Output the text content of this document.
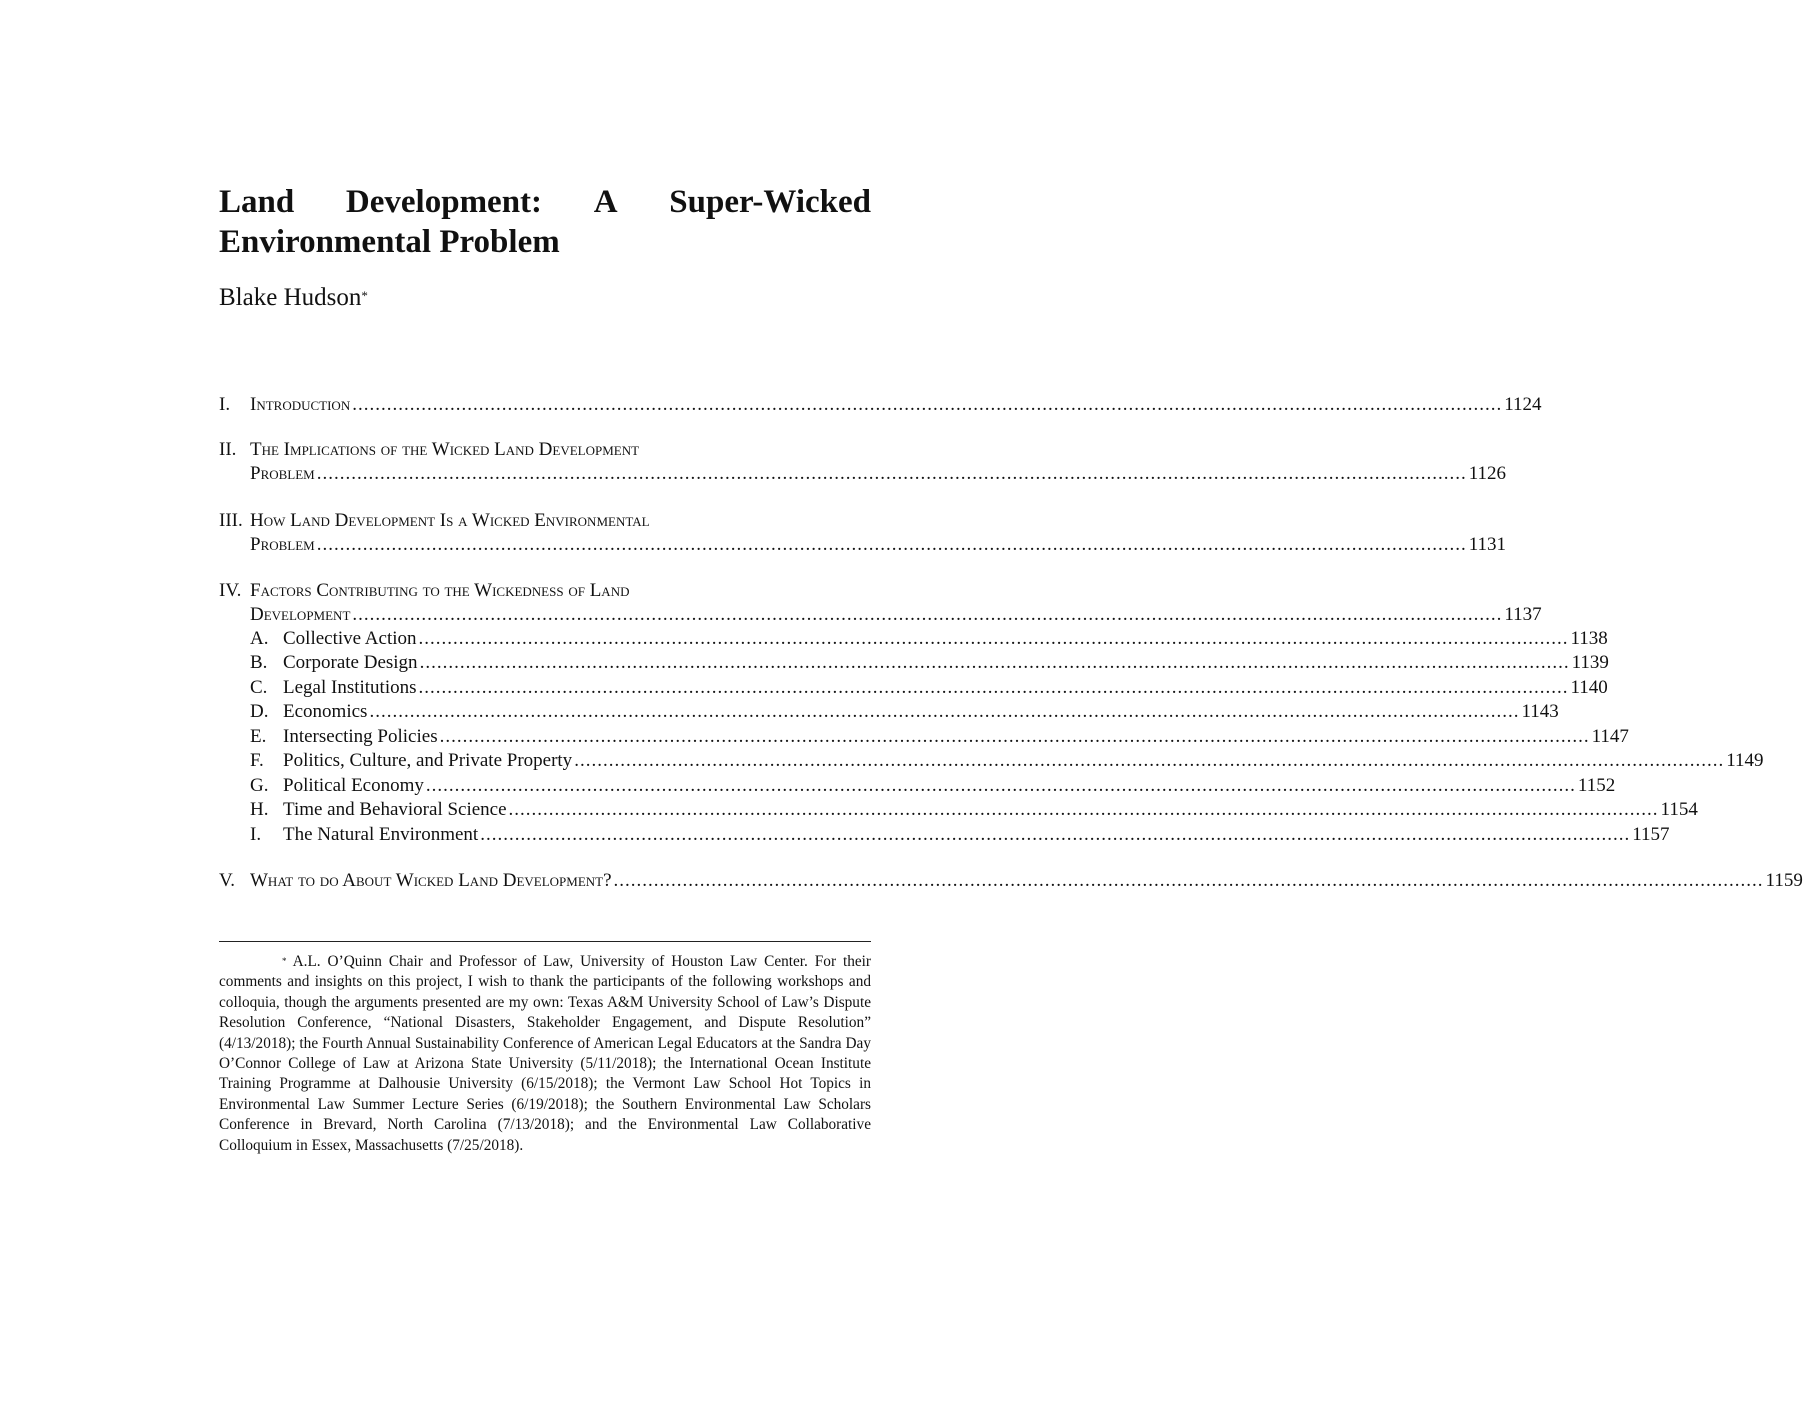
Land Development: A Super-Wicked
Environmental Problem
Blake Hudson*
I.	Introduction ........................................................................................................................................................................................................ 1124
II. The Implications of the Wicked Land Development
Problem ........................................................................................................................................................................................................ 1126
III. How Land Development Is a Wicked Environmental
Problem ........................................................................................................................................................................................................ 1131
IV. Factors Contributing to the Wickedness of Land
Development ........................................................................................................................................................................................................ 1137
A. Collective Action ........................................................................................................................................................................................................ 1138
B. Corporate Design ........................................................................................................................................................................................................ 1139
C. Legal Institutions ........................................................................................................................................................................................................ 1140
D. Economics ........................................................................................................................................................................................................ 1143
E. Intersecting Policies ........................................................................................................................................................................................................ 1147
F.	Politics, Culture, and Private Property ........................................................................................................................................................................................................ 1149
G. Political Economy ........................................................................................................................................................................................................ 1152
H. Time and Behavioral Science ........................................................................................................................................................................................................ 1154
I.	The Natural Environment ........................................................................................................................................................................................................ 1157
V. What to do About Wicked Land Development? ........................................................................................................................................................................................................ 1159
* A.L. O’Quinn Chair and Professor of Law, University of Houston Law Center. For their comments and insights on this project, I wish to thank the participants of the following workshops and colloquia, though the arguments presented are my own: Texas A&M University School of Law’s Dispute Resolution Conference, “National Disasters, Stakeholder Engagement, and Dispute Resolution” (4/13/2018); the Fourth Annual Sustainability Conference of American Legal Educators at the Sandra Day O’Connor College of Law at Arizona State University (5/11/2018); the International Ocean Institute Training Programme at Dalhousie University (6/15/2018); the Vermont Law School Hot Topics in Environmental Law Summer Lecture Series (6/19/2018); the Southern Environmental Law Scholars Conference in Brevard, North Carolina (7/13/2018); and the Environmental Law Collaborative Colloquium in Essex, Massachusetts (7/25/2018).
